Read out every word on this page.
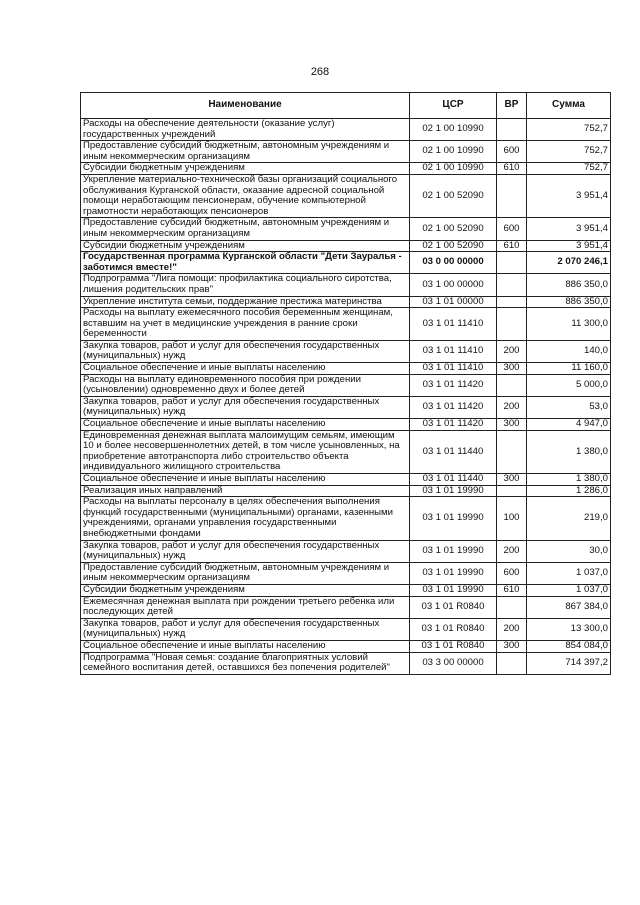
268
Наименование	ЦСР	ВР	Сумма
Расходы на обеспечение деятельности (оказание услуг) государственных учреждений	02 1 00 10990		752,7
Предоставление субсидий бюджетным, автономным учреждениям и иным некоммерческим организациям	02 1 00 10990	600	752,7
Субсидии бюджетным учреждениям	02 1 00 10990	610	752,7
Укрепление материально-технической базы организаций социального обслуживания Курганской области, оказание адресной социальной помощи неработающим пенсионерам, обучение компьютерной грамотности неработающих пенсионеров	02 1 00 52090		3 951,4
Предоставление субсидий бюджетным, автономным учреждениям и иным некоммерческим организациям	02 1 00 52090	600	3 951,4
Субсидии бюджетным учреждениям	02 1 00 52090	610	3 951,4
Государственная программа Курганской области "Дети Зауралья - заботимся вместе!"	03 0 00 00000		2 070 246,1
Подпрограмма "Лига помощи: профилактика социального сиротства, лишения родительских прав"	03 1 00 00000		886 350,0
Укрепление института семьи, поддержание престижа материнства	03 1 01 00000		886 350,0
Расходы на выплату ежемесячного пособия беременным женщинам, вставшим на учет в медицинские учреждения в ранние сроки беременности	03 1 01 11410		11 300,0
Закупка товаров, работ и услуг для обеспечения государственных (муниципальных) нужд	03 1 01 11410	200	140,0
Социальное обеспечение и иные выплаты населению	03 1 01 11410	300	11 160,0
Расходы на выплату единовременного пособия при рождении (усыновлении) одновременно двух и более детей	03 1 01 11420		5 000,0
Закупка товаров, работ и услуг для обеспечения государственных (муниципальных) нужд	03 1 01 11420	200	53,0
Социальное обеспечение и иные выплаты населению	03 1 01 11420	300	4 947,0
Единовременная денежная выплата малоимущим семьям, имеющим 10 и более несовершеннолетних детей, в том числе усыновленных, на приобретение автотранспорта либо строительство объекта индивидуального жилищного строительства	03 1 01 11440		1 380,0
Социальное обеспечение и иные выплаты населению	03 1 01 11440	300	1 380,0
Реализация иных направлений	03 1 01 19990		1 286,0
Расходы на выплаты персоналу в целях обеспечения выполнения функций государственными (муниципальными) органами, казенными учреждениями, органами управления государственными внебюджетными фондами	03 1 01 19990	100	219,0
Закупка товаров, работ и услуг для обеспечения государственных (муниципальных) нужд	03 1 01 19990	200	30,0
Предоставление субсидий бюджетным, автономным учреждениям и иным некоммерческим организациям	03 1 01 19990	600	1 037,0
Субсидии бюджетным учреждениям	03 1 01 19990	610	1 037,0
Ежемесячная денежная выплата при рождении третьего ребенка или последующих детей	03 1 01 R0840		867 384,0
Закупка товаров, работ и услуг для обеспечения государственных (муниципальных) нужд	03 1 01 R0840	200	13 300,0
Социальное обеспечение и иные выплаты населению	03 1 01 R0840	300	854 084,0
Подпрограмма "Новая семья: создание благоприятных условий семейного воспитания детей, оставшихся без попечения родителей"	03 3 00 00000		714 397,2
